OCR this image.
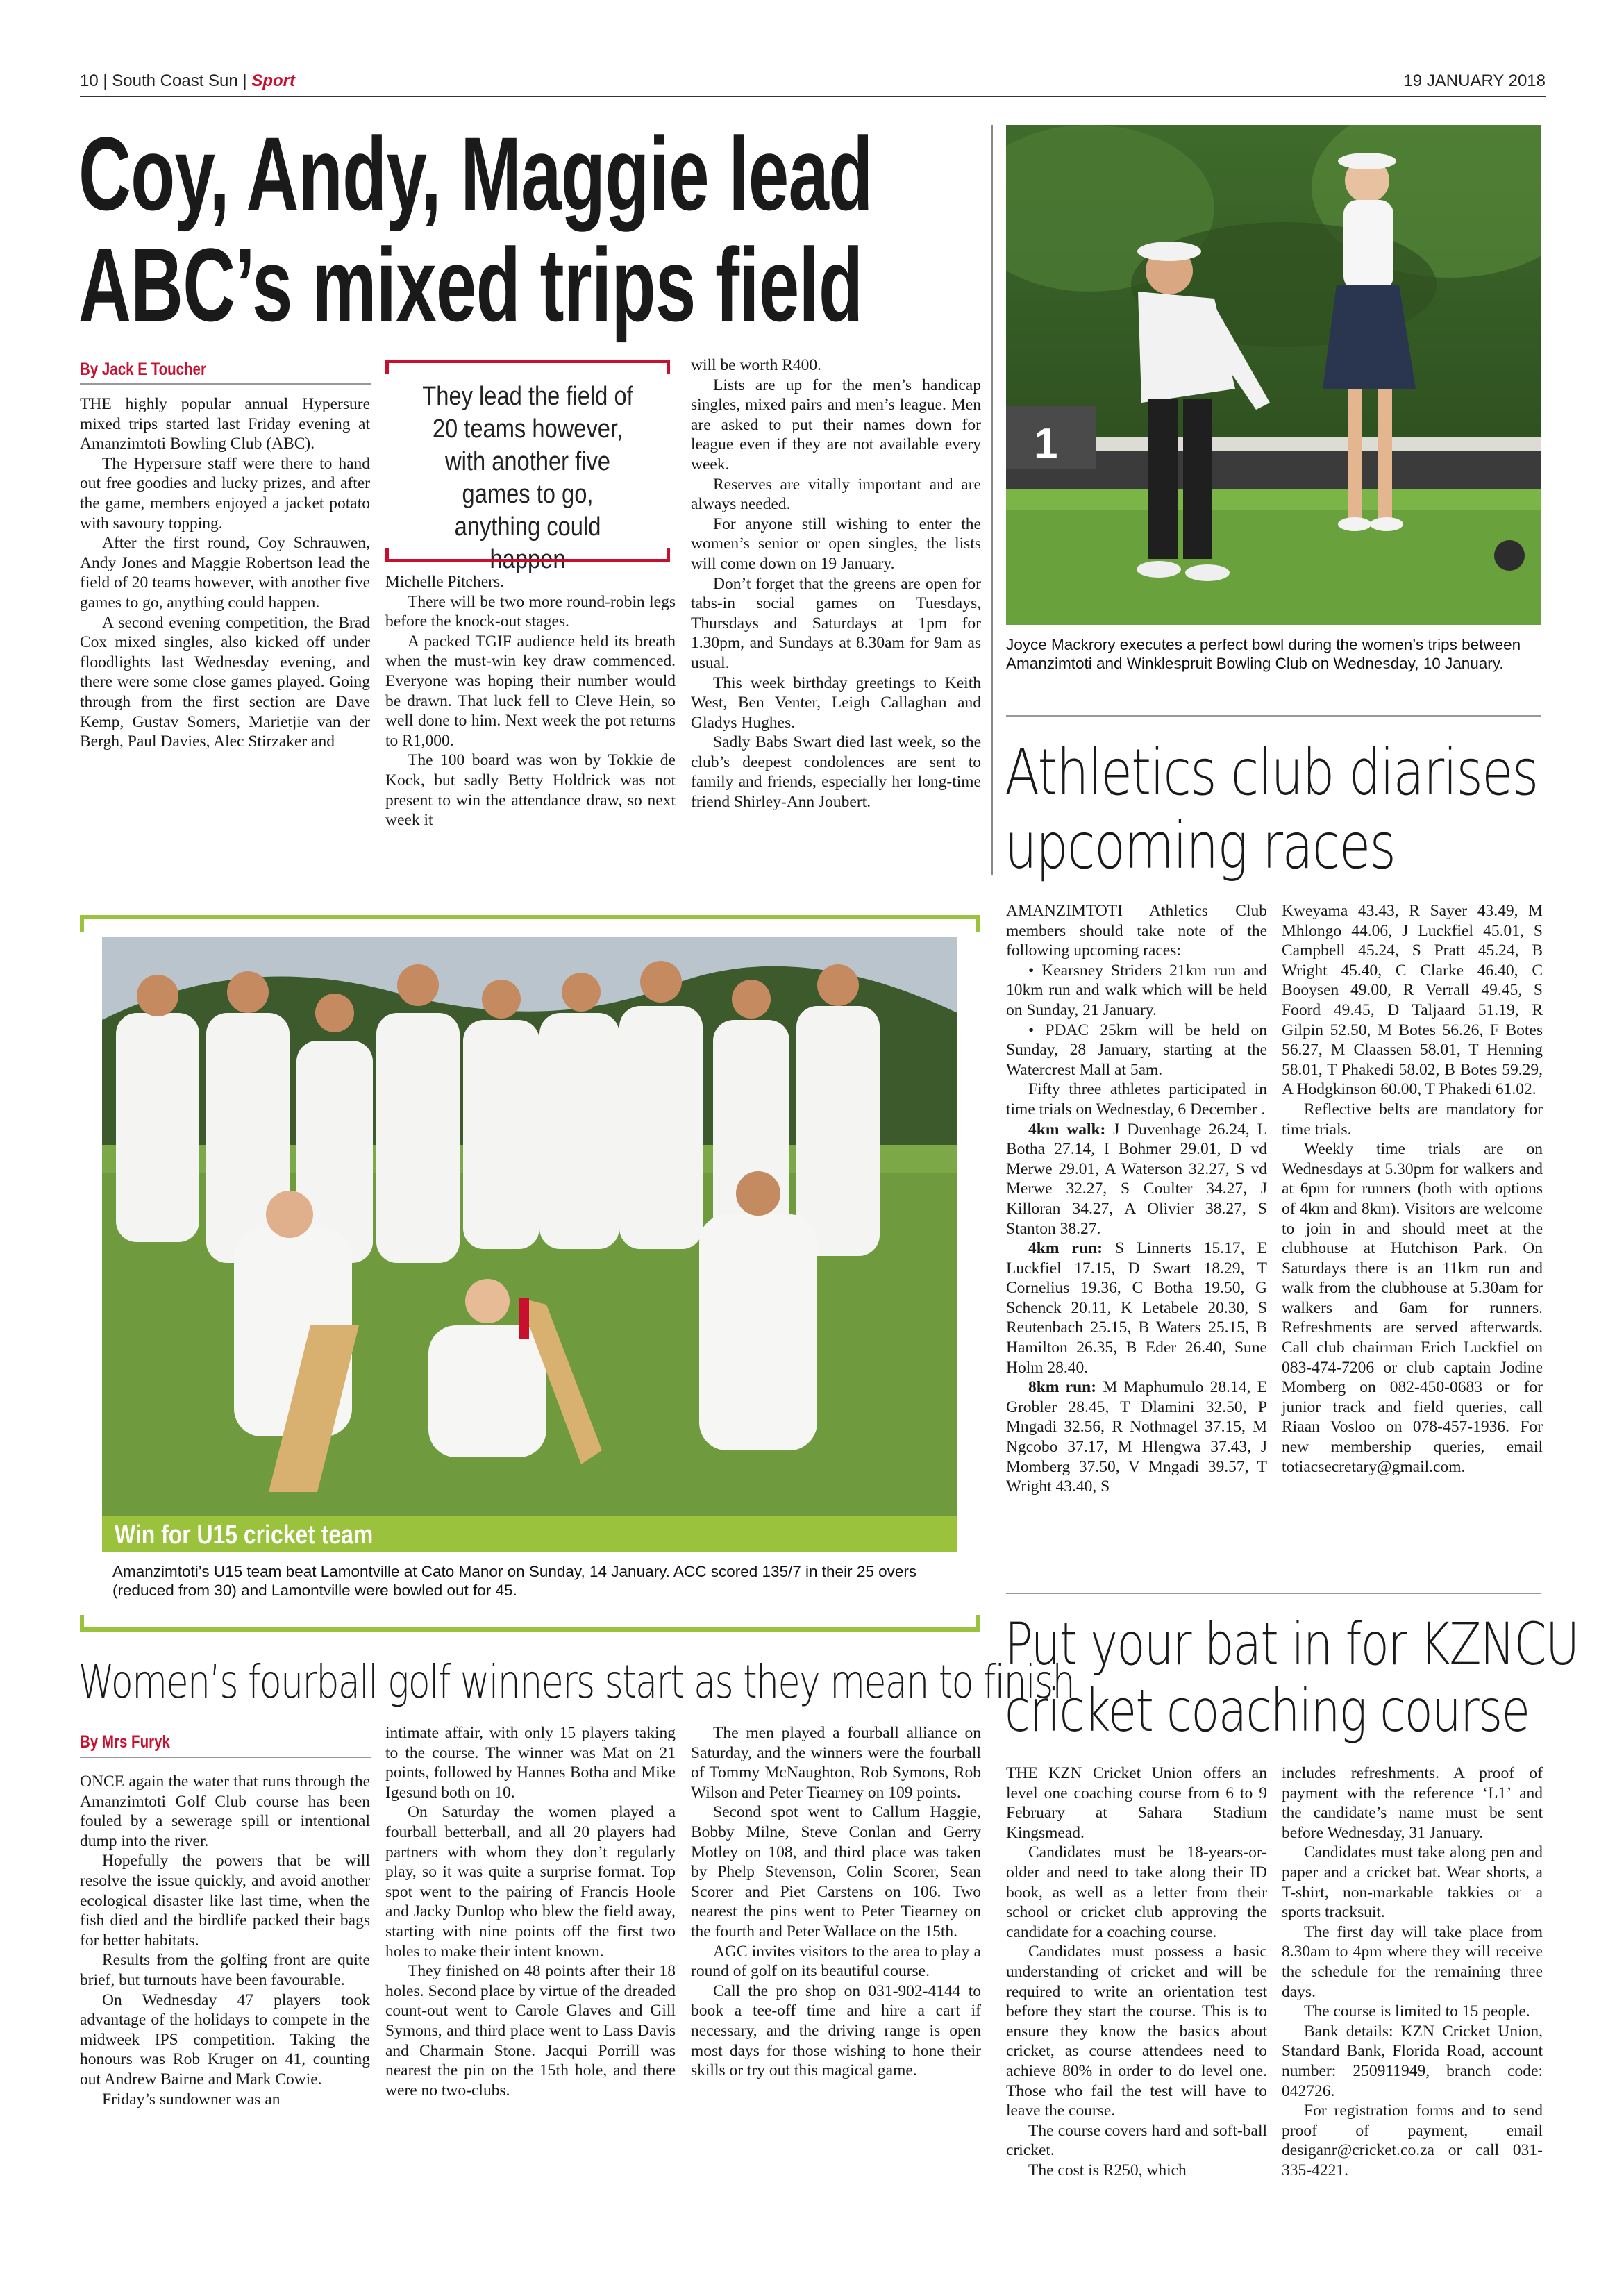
10 | South Coast Sun | Sport	19 JANUARY 2018
Coy, Andy, Maggie lead
ABC’s mixed trips field
By Jack E Toucher

THE highly popular annual Hypersure mixed trips started last Friday evening at Amanzimtoti Bowling Club (ABC).

The Hypersure staff were there to hand out free goodies and lucky prizes, and after the game, members enjoyed a jacket potato with savoury topping.

After the first round, Coy Schrauwen, Andy Jones and Maggie Robertson lead the field of 20 teams however, with another five games to go, anything could happen.

A second evening competition, the Brad Cox mixed singles, also kicked off under floodlights last Wednesday evening, and there were some close games played. Going through from the first section are Dave Kemp, Gustav Somers, Marietjie van der Bergh, Paul Davies, Alec Stirzaker and

They lead the field of 20 teams however, with another five games to go, anything could happen

Michelle Pitchers.

There will be two more round-robin legs before the knock-out stages.

A packed TGIF audience held its breath when the must-win key draw commenced. Everyone was hoping their number would be drawn. That luck fell to Cleve Hein, so well done to him. Next week the pot returns to R1,000.

The 100 board was won by Tokkie de Kock, but sadly Betty Holdrick was not present to win the attendance draw, so next week it

will be worth R400.

Lists are up for the men’s handicap singles, mixed pairs and men’s league. Men are asked to put their names down for league even if they are not available every week.

Reserves are vitally important and are always needed.

For anyone still wishing to enter the women’s senior or open singles, the lists will come down on 19 January.

Don’t forget that the greens are open for tabs-in social games on Tuesdays, Thursdays and Saturdays at 1pm for 1.30pm, and Sundays at 8.30am for 9am as usual.

This week birthday greetings to Keith West, Ben Venter, Leigh Callaghan and Gladys Hughes.

Sadly Babs Swart died last week, so the club’s deepest condolences are sent to family and friends, especially her long-time friend Shirley-Ann Joubert.

1
Joyce Mackrory executes a perfect bowl during the women’s trips between Amanzimtoti and Winklespruit Bowling Club on Wednesday, 10 January.
Athletics club diarises
upcoming races

AMANZIMTOTI Athletics Club members should take note of the following upcoming races:

• Kearsney Striders 21km run and 10km run and walk which will be held on Sunday, 21 January.

• PDAC 25km will be held on Sunday, 28 January, starting at the Watercrest Mall at 5am.

Fifty three athletes participated in time trials on Wednesday, 6 December .

4km walk: J Duvenhage 26.24, L Botha 27.14, I Bohmer 29.01, D vd Merwe 29.01, A Waterson 32.27, S vd Merwe 32.27, S Coulter 34.27, J Killoran 34.27, A Olivier 38.27, S Stanton 38.27.

4km run: S Linnerts 15.17, E Luckfiel 17.15, D Swart 18.29, T Cornelius 19.36, C Botha 19.50, G Schenck 20.11, K Letabele 20.30, S Reutenbach 25.15, B Waters 25.15, B Hamilton 26.35, B Eder 26.40, Sune Holm 28.40.

8km run: M Maphumulo 28.14, E Grobler 28.45, T Dlamini 32.50, P Mngadi 32.56, R Nothnagel 37.15, M Ngcobo 37.17, M Hlengwa 37.43, J Momberg 37.50, V Mngadi 39.57, T Wright 43.40, S

Kweyama 43.43, R Sayer 43.49, M Mhlongo 44.06, J Luckfiel 45.01, S Campbell 45.24, S Pratt 45.24, B Wright 45.40, C Clarke 46.40, C Booysen 49.00, R Verrall 49.45, S Foord 49.45, D Taljaard 51.19, R Gilpin 52.50, M Botes 56.26, F Botes 56.27, M Claassen 58.01, T Henning 58.01, T Phakedi 58.02, B Botes 59.29, A Hodgkinson 60.00, T Phakedi 61.02.

Reflective belts are mandatory for time trials.

Weekly time trials are on Wednesdays at 5.30pm for walkers and at 6pm for runners (both with options of 4km and 8km). Visitors are welcome to join in and should meet at the clubhouse at Hutchison Park. On Saturdays there is an 11km run and walk from the clubhouse at 5.30am for walkers and 6am for runners. Refreshments are served afterwards. Call club chairman Erich Luckfiel on 083-474-7206 or club captain Jodine Momberg on 082-450-0683 or for junior track and field queries, call Riaan Vosloo on 078-457-1936. For new membership queries, email totiacsecretary@gmail.com.

Win for U15 cricket team
Amanzimtoti’s U15 team beat Lamontville at Cato Manor on Sunday, 14 January. ACC scored 135/7 in their 25 overs (reduced from 30) and Lamontville were bowled out for 45.
Women’s fourball golf winners start as they mean to finish
By Mrs Furyk

ONCE again the water that runs through the Amanzimtoti Golf Club course has been fouled by a sewerage spill or intentional dump into the river.

Hopefully the powers that be will resolve the issue quickly, and avoid another ecological disaster like last time, when the fish died and the birdlife packed their bags for better habitats.

Results from the golfing front are quite brief, but turnouts have been favourable.

On Wednesday 47 players took advantage of the holidays to compete in the midweek IPS competition. Taking the honours was Rob Kruger on 41, counting out Andrew Bairne and Mark Cowie.

Friday’s sundowner was an

intimate affair, with only 15 players taking to the course. The winner was Mat on 21 points, followed by Hannes Botha and Mike Igesund both on 10.

On Saturday the women played a fourball betterball, and all 20 players had partners with whom they don’t regularly play, so it was quite a surprise format. Top spot went to the pairing of Francis Hoole and Jacky Dunlop who blew the field away, starting with nine points off the first two holes to make their intent known.

They finished on 48 points after their 18 holes. Second place by virtue of the dreaded count-out went to Carole Glaves and Gill Symons, and third place went to Lass Davis and Charmain Stone. Jacqui Porrill was nearest the pin on the 15th hole, and there were no two-clubs.

The men played a fourball alliance on Saturday, and the winners were the fourball of Tommy McNaughton, Rob Symons, Rob Wilson and Peter Tiearney on 109 points.

Second spot went to Callum Haggie, Bobby Milne, Steve Conlan and Gerry Motley on 108, and third place was taken by Phelp Stevenson, Colin Scorer, Sean Scorer and Piet Carstens on 106. Two nearest the pins went to Peter Tiearney on the fourth and Peter Wallace on the 15th.

AGC invites visitors to the area to play a round of golf on its beautiful course.

Call the pro shop on 031-902-4144 to book a tee-off time and hire a cart if necessary, and the driving range is open most days for those wishing to hone their skills or try out this magical game.

Put your bat in for KZNCU
cricket coaching course

THE KZN Cricket Union offers an level one coaching course from 6 to 9 February at Sahara Stadium Kingsmead.

Candidates must be 18-years-or-older and need to take along their ID book, as well as a letter from their school or cricket club approving the candidate for a coaching course.

Candidates must possess a basic understanding of cricket and will be required to write an orientation test before they start the course. This is to ensure they know the basics about cricket, as course attendees need to achieve 80% in order to do level one. Those who fail the test will have to leave the course.

The course covers hard and soft-ball cricket.

The cost is R250, which

includes refreshments. A proof of payment with the reference ‘L1’ and the candidate’s name must be sent before Wednesday, 31 January.

Candidates must take along pen and paper and a cricket bat. Wear shorts, a T-shirt, non-markable takkies or a sports tracksuit.

The first day will take place from 8.30am to 4pm where they will receive the schedule for the remaining three days.

The course is limited to 15 people.

Bank details: KZN Cricket Union, Standard Bank, Florida Road, account number: 250911949, branch code: 042726.

For registration forms and to send proof of payment, email desiganr@cricket.co.za or call 031-335-4221.
